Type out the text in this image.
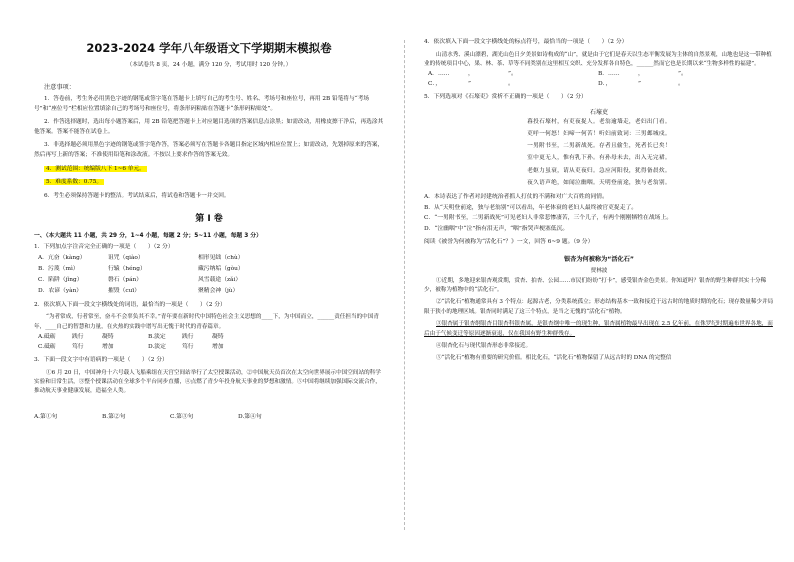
2023-2024 学年八年级语文下学期期末模拟卷
（本试卷共 8 页，24 小题，满分 120 分，考试用时 120 分钟。）
注意事项：
1．答卷前，考生务必用黑色字迹的钢笔或签字笔在答题卡上填写自己的考生号、姓名、考场号和座位号，再用 2B 铅笔将与“考场号”和“座位号”栏相应位置填涂自己的考场号和座位号，将条形码粘贴在答题卡“条形码粘贴处”。
2．作答选择题时，选出每小题答案后，用 2B 铅笔把答题卡上对应题目选项的答案信息点涂黑；如需改动，用橡皮擦干净后，再选涂其他答案。答案不能答在试卷上。
3．非选择题必须用黑色字迹的钢笔或签字笔作答，答案必须写在答题卡各题目指定区域内相应位置上；如需改动，先划掉原来的答案，然后再写上新的答案；不准使用铅笔和涂改液。不按以上要求作答的答案无效。
4．测试范围：统编版八下 1~6 单元。
5．难度系数：0.75。
6．考生必须保持答题卡的整洁。考试结束后，将试卷和答题卡一并交回。
第 I 卷
一、（本大题共 11 小题，共 29 分，1~4 小题，每题 2 分；5~11 小题，每题 3 分）
1．下列加点字注音完全正确的一项是（　　）（2 分）
A．亢奋（kàng）	诅咒（qiào）	相形见绌（chù）
B．污蔑（mì）	行辕（héng）	藏污纳垢（gòu）
C．陷阱（jǐng）	磐石（pán）	风雪载途（zǎi）
D．农谚（yàn）	摧毁（cuī）	聚精会神（jù）
2．依次填入下面一段文字横线处的词语，最恰当的一项是（　　）（2 分）
“为者常成，行者常至，奋斗不会辜负其不幸。”青年要在新时代中国特色社会主义思想的____下，为中国而立，______责任担当的中国青年，____自己的智慧和力量，在火热的实践中谱写出无愧于时代的青春篇章。
A.砥砺	践行	凝铸	B.淡定	践行	凝铸
C.砥砺	笃行	增加	D.淡定	笃行	增加
3．下面一段文字中有语病的一项是（　　）（2 分）
①6 月 20 日，中国神舟十六号载人飞船乘组在天宫空间站举行了太空授课活动，②中国航天员首次在太空向世界展示中国空间站的科学实验和日常生活，③整个授课活动在全球多个平台同步直播，④点燃了青少年投身航天事业的梦想和激情。⑤中国将继续加强国际交流合作，推动航天事业健康发展，造福全人类。
A.第①句	B.第②句	C.第③句	D.第④句
4．依次填入下面一段文字横线处的标点符号，最恰当的一项是（　　）（2 分）
山清水秀、溪山漂碧，湖光山色日夕美景如诗构成的“山”，就是由于它们是春天以生态平衡发展为主体的自然景观，山地也是这一带种植业的传统项目中心，果、林、茶、草等不同类别在这里相互交织、充分发挥各自特色，______然而它也是长期以来“生物多样性的福建”。
A．……	，	”。	B．……	，	”。
C．，	”	。	D．，	”	。
5．下列选项对《石壕吏》赏析不正确的一项是（　　）（2 分）
石壕吏
暮投石壕村，有吏夜捉人。老翁逾墙走，老妇出门看。
吏呼一何怒！妇啼一何苦！听妇前致词：三男邺城戍。
一男附书至，二男新战死。存者且偷生，死者长已矣！
室中更无人，惟有乳下孙。有孙母未去，出入无完裙。
老妪力虽衰，请从吏夜归。急应河阳役，犹得备晨炊。
夜久语声绝，如闻泣幽咽。天明登前途，独与老翁别。
A．本诗表达了作者对封建统治者抓人打仗的不满和对广大百姓的同情。
B．从“天明登前途，独与老翁别”可以看出，年老体衰的老妇人最终被官吏捉走了。
C．“一男附书至，二男新战死”可见老妇人非常悲惨凄苦，三个儿子，有两个刚刚牺牲在战场上。
D．“泣幽咽”中“泣”指有泪无声，“咽”指哭声梗塞低沉。
阅读《被誉为何被称为“活化石”？》一文，回答 6~9 题。（9 分）
银杏为何被称为“活化石”
贾林波
①近期，多地迎来银杏观赏期，赏杏、拍杏、公园……市民们纷纷“打卡”，感受银杏金色美景。你知道吗？银杏的野生种群其实十分稀少，被称为植物中的“活化石”。
②“活化石”植物通常具有 3 个特点：起源古老，分类系统孤立；形态结构基本一致和接近于远古时的地质时期的化石；现存数量稀少并局限于狭小的地理区域。银杏同时满足了这三个特点，是当之无愧的“活化石”植物。
③银杏属于银杏纲银杏目银杏科银杏属，是银杏纲中唯一的现生种，银杏属植物最早出现在 2.5 亿年前，在侏罗纪时期遍布世界各地，而后由于气候变迁等原因逐渐衰退，仅在我国有野生种群残存。
④银杏化石与现代银杏形态非常接近。
⑤“活化石”植物有重要的研究价值。相比化石，“活化石”植物保留了从远古时的 DNA 的完整信
